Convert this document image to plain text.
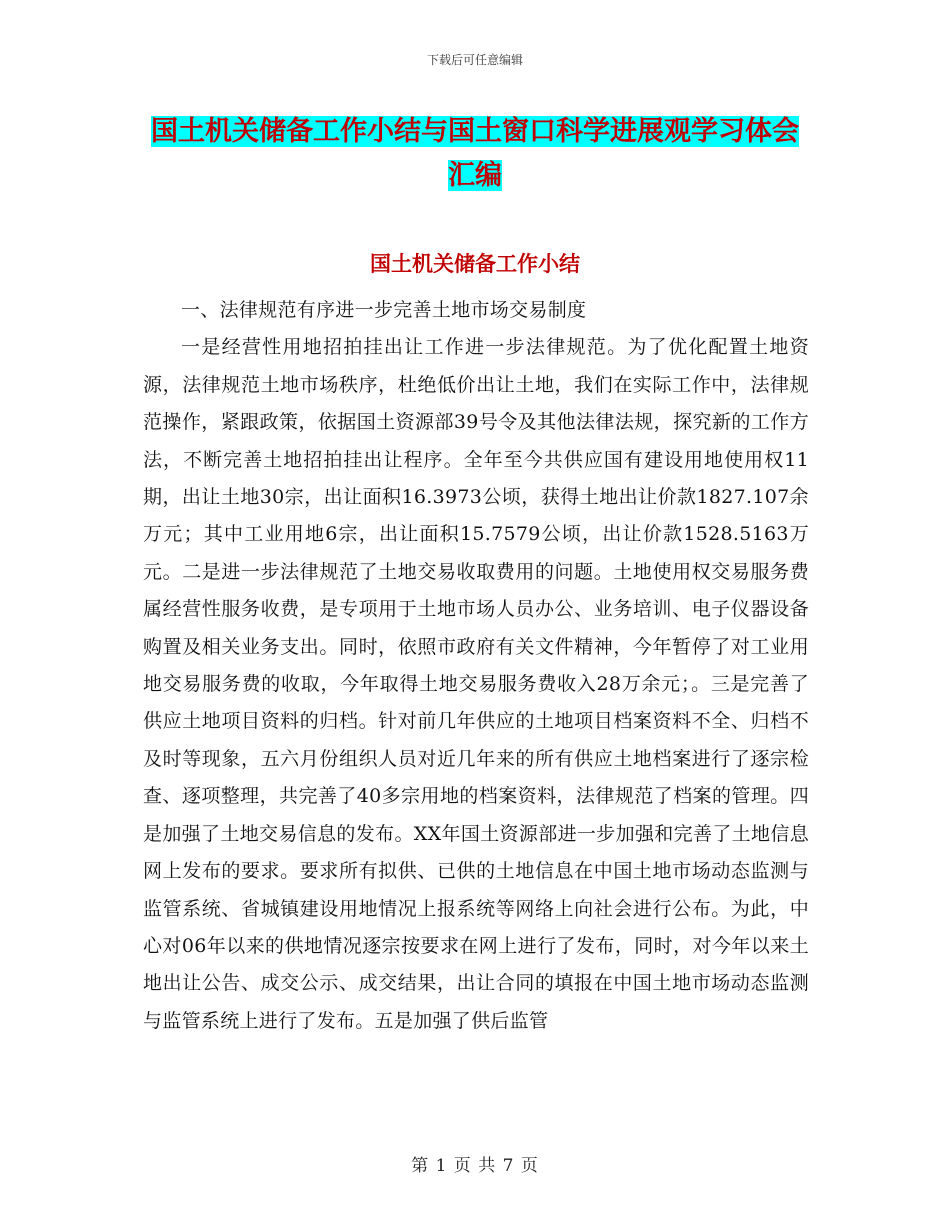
下载后可任意编辑
国土机关储备工作小结与国土窗口科学进展观学习体会汇编
国土机关储备工作小结

一、法律规范有序进一步完善土地市场交易制度

一是经营性用地招拍挂出让工作进一步法律规范。为了优化配置土地资源，法律规范土地市场秩序，杜绝低价出让土地，我们在实际工作中，法律规范操作，紧跟政策，依据国土资源部39号令及其他法律法规，探究新的工作方法，不断完善土地招拍挂出让程序。全年至今共供应国有建设用地使用权11期，出让土地30宗，出让面积16.3973公顷，获得土地出让价款1827.107余万元；其中工业用地6宗，出让面积15.7579公顷，出让价款1528.5163万元。二是进一步法律规范了土地交易收取费用的问题。土地使用权交易服务费属经营性服务收费，是专项用于土地市场人员办公、业务培训、电子仪器设备购置及相关业务支出。同时，依照市政府有关文件精神，今年暂停了对工业用地交易服务费的收取，今年取得土地交易服务费收入28万余元；。三是完善了供应土地项目资料的归档。针对前几年供应的土地项目档案资料不全、归档不及时等现象，五六月份组织人员对近几年来的所有供应土地档案进行了逐宗检查、逐项整理，共完善了40多宗用地的档案资料，法律规范了档案的管理。四是加强了土地交易信息的发布。XX年国土资源部进一步加强和完善了土地信息网上发布的要求。要求所有拟供、已供的土地信息在中国土地市场动态监测与监管系统、省城镇建设用地情况上报系统等网络上向社会进行公布。为此，中心对06年以来的供地情况逐宗按要求在网上进行了发布，同时，对今年以来土地出让公告、成交公示、成交结果，出让合同的填报在中国土地市场动态监测与监管系统上进行了发布。五是加强了供后监管

第 1 页 共 7 页
